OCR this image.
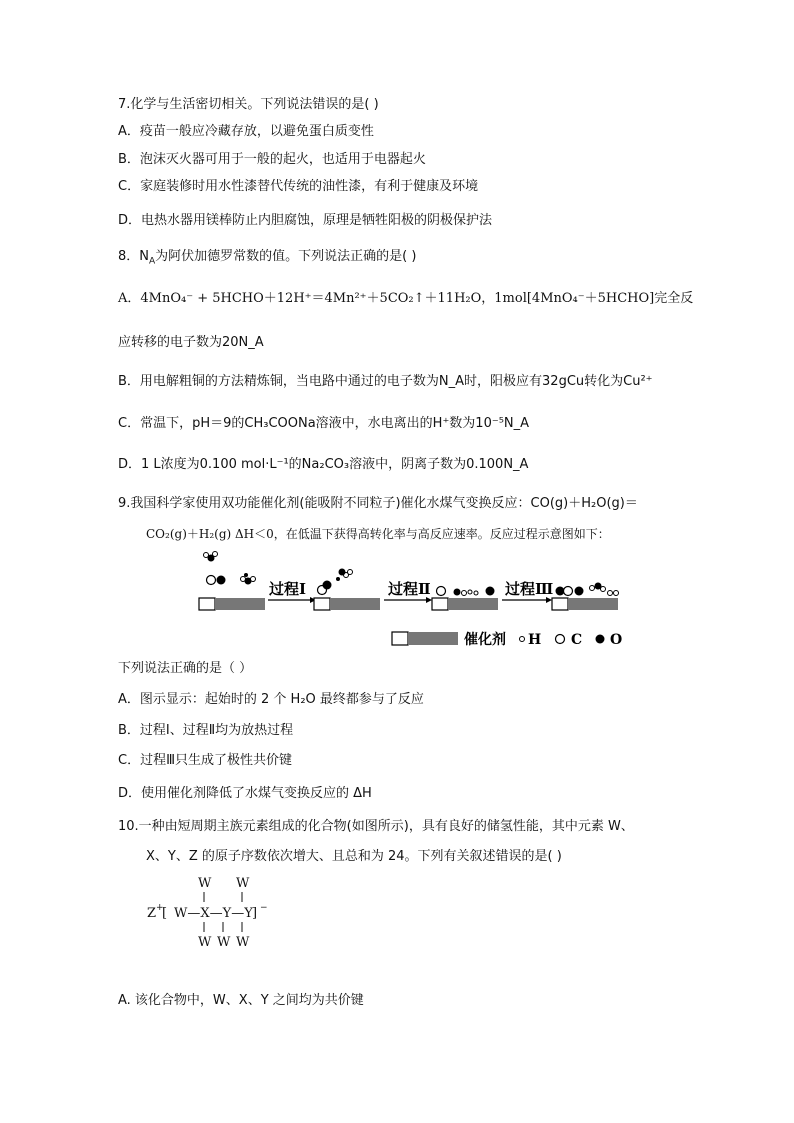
7.化学与生活密切相关。下列说法错误的是( )
A．疫苗一般应冷藏存放，以避免蛋白质变性
B．泡沫灭火器可用于一般的起火，也适用于电器起火
C．家庭装修时用水性漆替代传统的油性漆，有利于健康及环境
D．电热水器用镁棒防止内胆腐蚀，原理是牺牲阳极的阴极保护法
8．$N_A$为阿伏加德罗常数的值。下列说法正确的是( )
A．4MnO₄⁻ + 5HCHO＋12H⁺＝4Mn²⁺＋5CO₂↑＋11H₂O，1mol[4MnO₄⁻＋5HCHO]完全反
应转移的电子数为20N_A
B．用电解粗铜的方法精炼铜，当电路中通过的电子数为N_A时，阳极应有32gCu转化为Cu²⁺
C．常温下，pH＝9的CH₃COONa溶液中，水电离出的H⁺数为10⁻⁵N_A
D．1 L浓度为0.100 mol·L⁻¹的Na₂CO₃溶液中，阴离子数为0.100N_A
9.我国科学家使用双功能催化剂(能吸附不同粒子)催化水煤气变换反应：CO(g)＋H₂O(g)＝
CO₂(g)＋H₂(g) ΔH＜0，在低温下获得高转化率与高反应速率。反应过程示意图如下：
过程Ⅰ	过程Ⅱ	过程Ⅲ
催化剂 H C O
下列说法正确的是（ ）
A．图示显示：起始时的 2 个 H₂O 最终都参与了反应
B．过程Ⅰ、过程Ⅱ均为放热过程
C．过程Ⅲ只生成了极性共价键
D．使用催化剂降低了水煤气变换反应的 ΔH
10.一种由短周期主族元素组成的化合物(如图所示)，具有良好的储氢性能，其中元素 W、
X、Y、Z 的原子序数依次增大、且总和为 24。下列有关叙述错误的是( )
W W
Z +
[ W—X—Y—Y ] −
W W W
A. 该化合物中，W、X、Y 之间均为共价键
